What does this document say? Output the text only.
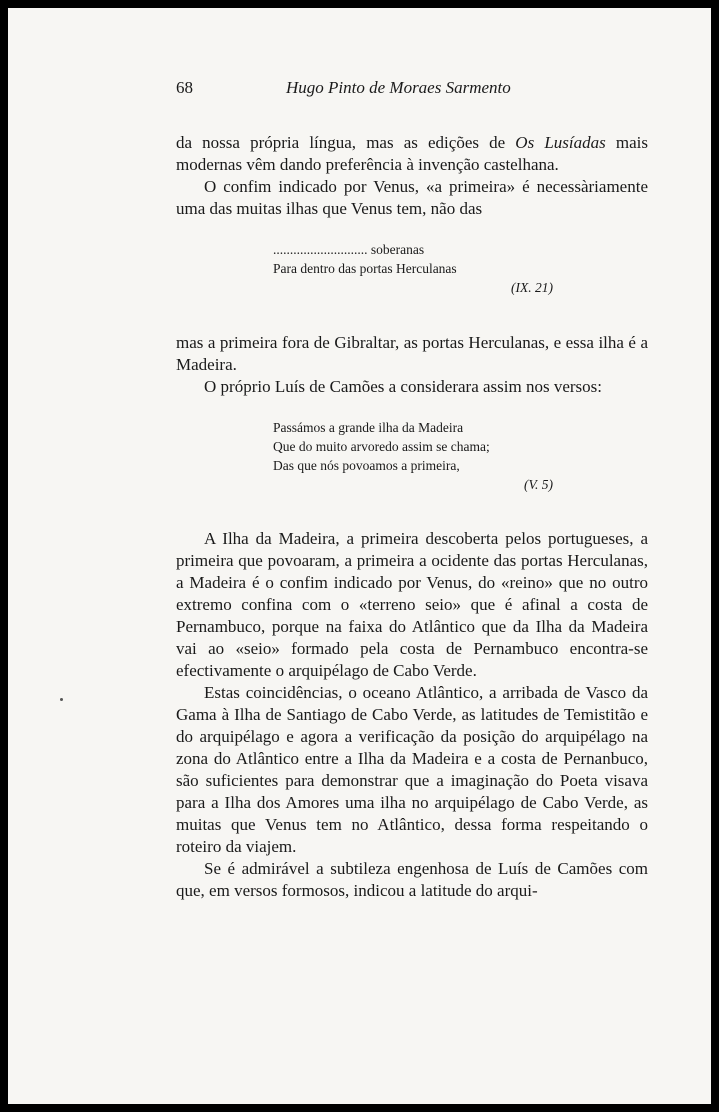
68	Hugo Pinto de Moraes Sarmento

da nossa própria língua, mas as edições de Os Lusíadas mais modernas vêm dando preferência à invenção castelhana.

O confim indicado por Venus, «a primeira» é necessàriamente uma das muitas ilhas que Venus tem, não das

............................ soberanas
Para dentro das portas Herculanas
(IX. 21)

mas a primeira fora de Gibraltar, as portas Herculanas, e essa ilha é a Madeira.

O próprio Luís de Camões a considerara assim nos versos:

Passámos a grande ilha da Madeira
Que do muito arvoredo assim se chama;
Das que nós povoamos a primeira,
(V. 5)

A Ilha da Madeira, a primeira descoberta pelos portugueses, a primeira que povoaram, a primeira a ocidente das portas Herculanas, a Madeira é o confim indicado por Venus, do «reino» que no outro extremo confina com o «terreno seio» que é afinal a costa de Pernambuco, porque na faixa do Atlântico que da Ilha da Madeira vai ao «seio» formado pela costa de Pernambuco encontra-se efectivamente o arquipélago de Cabo Verde.

Estas coincidências, o oceano Atlântico, a arribada de Vasco da Gama à Ilha de Santiago de Cabo Verde, as latitudes de Temistitão e do arquipélago e agora a verificação da posição do arquipélago na zona do Atlântico entre a Ilha da Madeira e a costa de Pernanbuco, são suficientes para demonstrar que a imaginação do Poeta visava para a Ilha dos Amores uma ilha no arquipélago de Cabo Verde, as muitas que Venus tem no Atlântico, dessa forma respeitando o roteiro da viajem.

Se é admirável a subtileza engenhosa de Luís de Camões com que, em versos formosos, indicou a latitude do arqui-
